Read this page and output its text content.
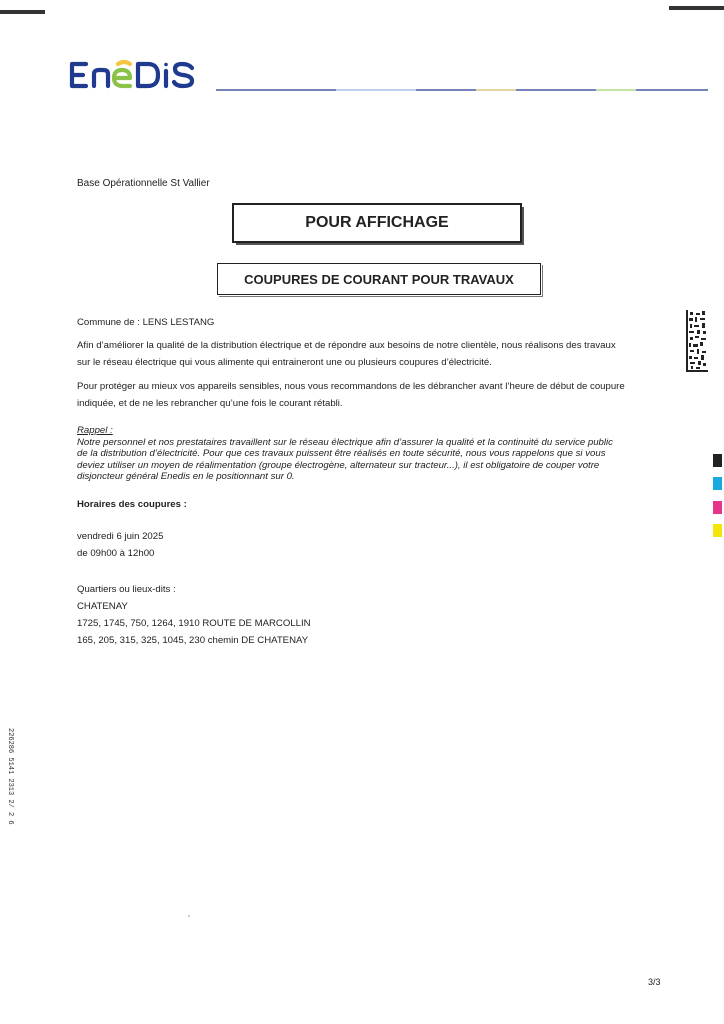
Base Opérationnelle St Vallier
POUR AFFICHAGE
COUPURES DE COURANT POUR TRAVAUX
Commune de : LENS LESTANG
Afin d’améliorer la qualité de la distribution électrique et de répondre aux besoins de notre clientèle, nous réalisons des travaux
sur le réseau électrique qui vous alimente qui entraineront une ou plusieurs coupures d’électricité.
Pour protéger au mieux vos appareils sensibles, nous vous recommandons de les débrancher avant l’heure de début de coupure
indiquée, et de ne les rebrancher qu’une fois le courant rétabli.
Rappel :
Notre personnel et nos prestataires travaillent sur le réseau électrique afin d’assurer la qualité et la continuité du service public
de la distribution d’électricité. Pour que ces travaux puissent être réalisés en toute sécurité, nous vous rappelons que si vous
deviez utiliser un moyen de réalimentation (groupe électrogène, alternateur sur tracteur...), il est obligatoire de couper votre
disjoncteur général Enedis en le positionnant sur 0.
Horaires des coupures :
vendredi 6 juin 2025
de 09h00 à 12h00
Quartiers ou lieux-dits :
CHATENAY
1725, 1745, 750, 1264, 1910 ROUTE DE MARCOLLIN
165, 205, 315, 325, 1045, 230 chemin DE CHATENAY
226286 5141 2313 2/ 2 6
3/3
